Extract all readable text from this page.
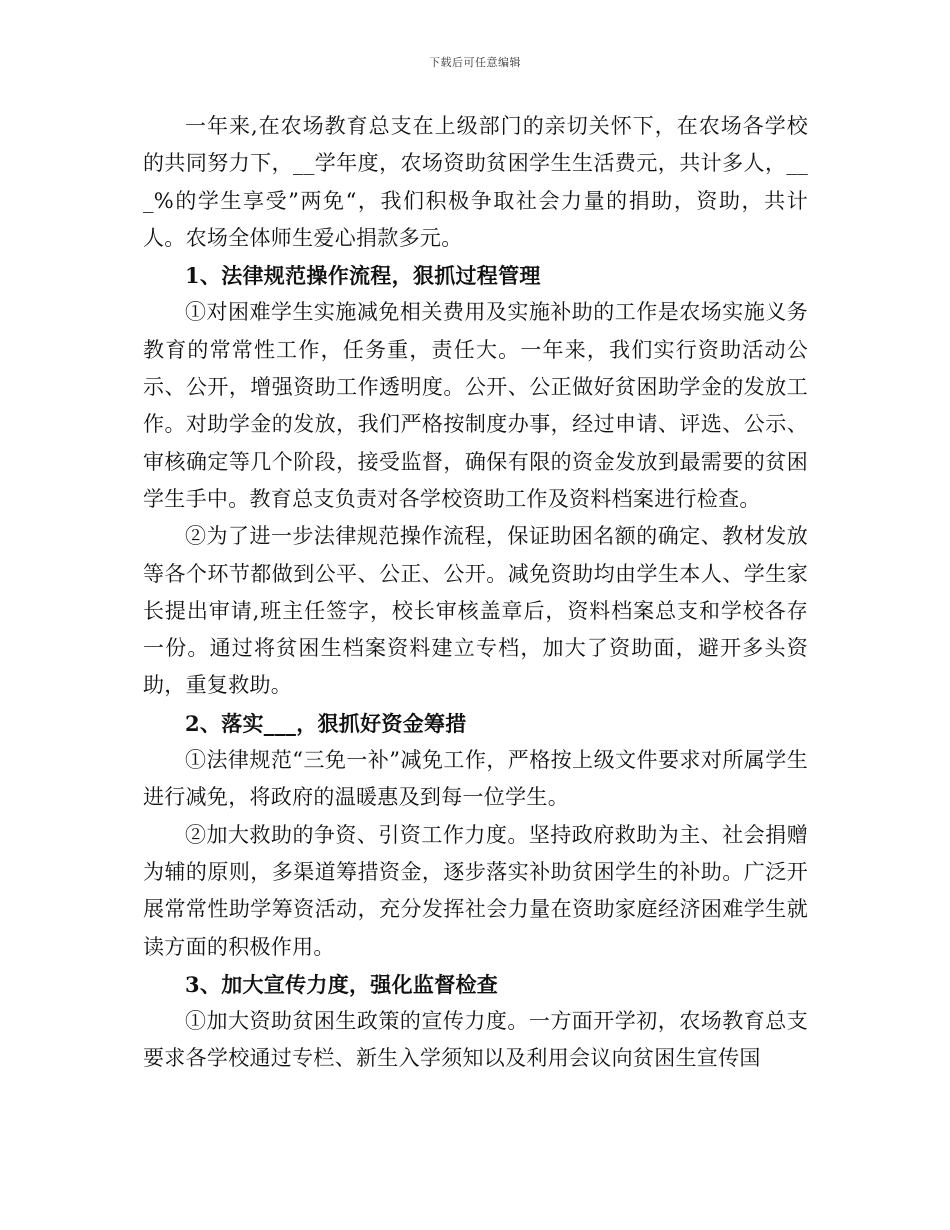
下载后可任意编辑

一年来,在农场教育总支在上级部门的亲切关怀下，在农场各学校的共同努力下，__学年度，农场资助贫困学生生活费元，共计多人，___%的学生享受”两免“，我们积极争取社会力量的捐助，资助，共计人。农场全体师生爱心捐款多元。

1、法律规范操作流程，狠抓过程管理

①对困难学生实施减免相关费用及实施补助的工作是农场实施义务教育的常常性工作，任务重，责任大。一年来，我们实行资助活动公示、公开，增强资助工作透明度。公开、公正做好贫困助学金的发放工作。对助学金的发放，我们严格按制度办事，经过申请、评选、公示、审核确定等几个阶段，接受监督，确保有限的资金发放到最需要的贫困学生手中。教育总支负责对各学校资助工作及资料档案进行检查。

②为了进一步法律规范操作流程，保证助困名额的确定、教材发放等各个环节都做到公平、公正、公开。减免资助均由学生本人、学生家长提出审请,班主任签字，校长审核盖章后，资料档案总支和学校各存一份。通过将贫困生档案资料建立专档，加大了资助面，避开多头资助，重复救助。

2、落实___，狠抓好资金筹措

①法律规范“三免一补”减免工作，严格按上级文件要求对所属学生进行减免，将政府的温暖惠及到每一位学生。

②加大救助的争资、引资工作力度。坚持政府救助为主、社会捐赠为辅的原则，多渠道筹措资金，逐步落实补助贫困学生的补助。广泛开展常常性助学筹资活动，充分发挥社会力量在资助家庭经济困难学生就读方面的积极作用。

3、加大宣传力度，强化监督检查

①加大资助贫困生政策的宣传力度。一方面开学初，农场教育总支要求各学校通过专栏、新生入学须知以及利用会议向贫困生宣传国
